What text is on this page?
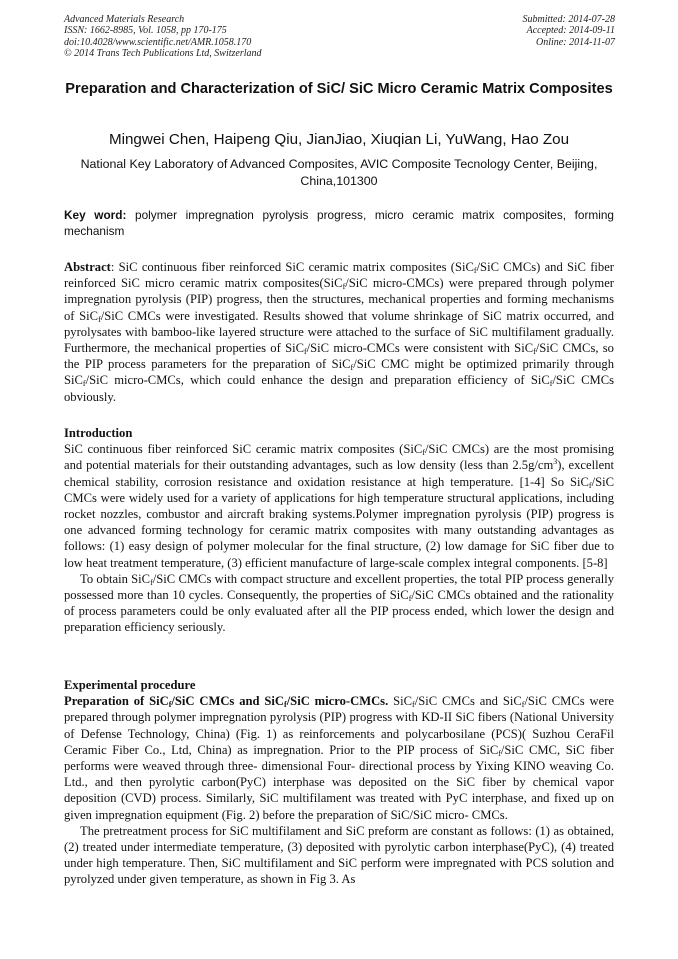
Advanced Materials Research
ISSN: 1662-8985, Vol. 1058, pp 170-175
doi:10.4028/www.scientific.net/AMR.1058.170
© 2014 Trans Tech Publications Ltd, Switzerland
Submitted: 2014-07-28
Accepted: 2014-09-11
Online: 2014-11-07
Preparation and Characterization of SiC/ SiC Micro Ceramic Matrix Composites
Mingwei Chen, Haipeng Qiu, JianJiao, Xiuqian Li, YuWang, Hao Zou
National Key Laboratory of Advanced Composites, AVIC Composite Tecnology Center, Beijing, China,101300
Key word: polymer impregnation pyrolysis progress, micro ceramic matrix composites, forming mechanism

Abstract: SiC continuous fiber reinforced SiC ceramic matrix composites (SiC$_f$/SiC CMCs) and SiC fiber reinforced SiC micro ceramic matrix composites(SiC$_f$/SiC micro-CMCs) were prepared through polymer impregnation pyrolysis (PIP) progress, then the structures, mechanical properties and forming mechanisms of SiC$_f$/SiC CMCs were investigated. Results showed that volume shrinkage of SiC matrix occurred, and pyrolysates with bamboo-like layered structure were attached to the surface of SiC multifilament gradually. Furthermore, the mechanical properties of SiC$_f$/SiC micro-CMCs were consistent with SiC$_f$/SiC CMCs, so the PIP process parameters for the preparation of SiC$_f$/SiC CMC might be optimized primarily through SiC$_f$/SiC micro-CMCs, which could enhance the design and preparation efficiency of SiC$_f$/SiC CMCs obviously.

Introduction

SiC continuous fiber reinforced SiC ceramic matrix composites (SiC$_f$/SiC CMCs) are the most promising and potential materials for their outstanding advantages, such as low density (less than $2.5g/cm^3$), excellent chemical stability, corrosion resistance and oxidation resistance at high temperature. [1-4] So SiC$_f$/SiC CMCs were widely used for a variety of applications for high temperature structural applications, including rocket nozzles, combustor and aircraft braking systems.Polymer impregnation pyrolysis (PIP) progress is one advanced forming technology for ceramic matrix composites with many outstanding advantages as follows: (1) easy design of polymer molecular for the final structure, (2) low damage for SiC fiber due to low heat treatment temperature, (3) efficient manufacture of large-scale complex integral components. [5-8]

To obtain SiC$_f$/SiC CMCs with compact structure and excellent properties, the total PIP process generally possessed more than 10 cycles. Consequently, the properties of SiC$_f$/SiC CMCs obtained and the rationality of process parameters could be only evaluated after all the PIP process ended, which lower the design and preparation efficiency seriously.

Experimental procedure

Preparation of SiC$_f$/SiC CMCs and SiC$_f$/SiC micro-CMCs. SiC$_f$/SiC CMCs and SiC$_f$/SiC CMCs were prepared through polymer impregnation pyrolysis (PIP) progress with KD-II SiC fibers (National University of Defense Technology, China) (Fig. 1) as reinforcements and polycarbosilane (PCS)( Suzhou CeraFil Ceramic Fiber Co., Ltd, China) as impregnation. Prior to the PIP process of SiC$_f$/SiC CMC, SiC fiber performs were weaved through three- dimensional Four- directional process by Yixing KINO weaving Co. Ltd., and then pyrolytic carbon(PyC) interphase was deposited on the SiC fiber by chemical vapor deposition (CVD) process. Similarly, SiC multifilament was treated with PyC interphase, and fixed up on given impregnation equipment (Fig. 2) before the preparation of SiC/SiC micro- CMCs.

The pretreatment process for SiC multifilament and SiC preform are constant as follows: (1) as obtained, (2) treated under intermediate temperature, (3) deposited with pyrolytic carbon interphase(PyC), (4) treated under high temperature. Then, SiC multifilament and SiC perform were impregnated with PCS solution and pyrolyzed under given temperature, as shown in Fig 3. As
